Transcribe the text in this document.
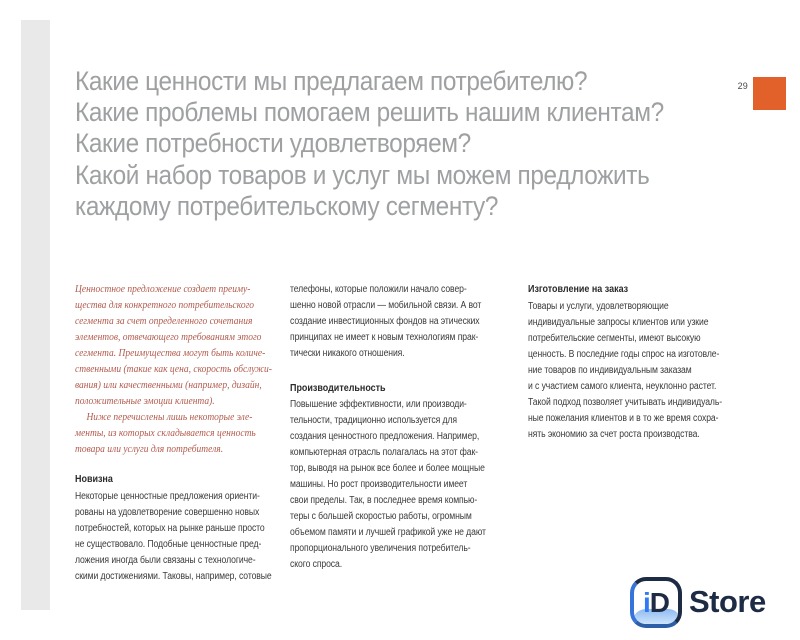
29
Какие ценности мы предлагаем потребителю?
Какие проблемы помогаем решить нашим клиентам?
Какие потребности удовлетворяем?
Какой набор товаров и услуг мы можем предложить
каждому потребительскому сегменту?
Ценностное предложение создает преиму-
щества для конкретного потребительского
сегмента за счет определенного сочетания
элементов, отвечающего требованиям этого
сегмента. Преимущества могут быть количе-
ственными (такие как цена, скорость обслужи-
вания) или качественными (например, дизайн,
положительные эмоции клиента).
Ниже перечислены лишь некоторые эле-
менты, из которых складывается ценность
товара или услуги для потребителя.
Новизна
Некоторые ценностные предложения ориенти-
рованы на удовлетворение совершенно новых
потребностей, которых на рынке раньше просто
не существовало. Подобные ценностные пред-
ложения иногда были связаны с технологиче-
скими достижениями. Таковы, например, сотовые
телефоны, которые положили начало совер-
шенно новой отрасли — мобильной связи. А вот
создание инвестиционных фондов на этических
принципах не имеет к новым технологиям прак-
тически никакого отношения.
Производительность
Повышение эффективности, или производи-
тельности, традиционно используется для
создания ценностного предложения. Например,
компьютерная отрасль полагалась на этот фак-
тор, выводя на рынок все более и более мощные
машины. Но рост производительности имеет
свои пределы. Так, в последнее время компью-
теры с большей скоростью работы, огромным
объемом памяти и лучшей графикой уже не дают
пропорционального увеличения потребитель-
ского спроса.
Изготовление на заказ
Товары и услуги, удовлетворяющие
индивидуальные запросы клиентов или узкие
потребительские сегменты, имеют высокую
ценность. В последние годы спрос на изготовле-
ние товаров по индивидуальным заказам
и с участием самого клиента, неуклонно растет.
Такой подход позволяет учитывать индивидуаль-
ные пожелания клиентов и в то же время сохра-
нять экономию за счет роста производства.
iD Store
